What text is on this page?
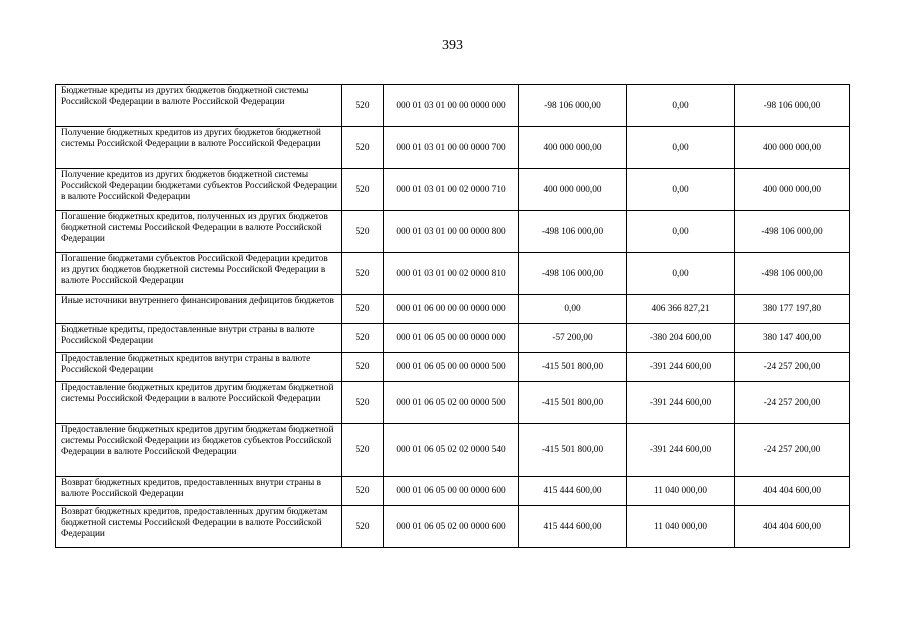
393
Бюджетные кредиты из других бюджетов бюджетной системы Российской Федерации в валюте Российской Федерации	520	000 01 03 01 00 00 0000 000	-98 106 000,00	0,00	-98 106 000,00
Получение бюджетных кредитов из других бюджетов бюджетной системы Российской Федерации в валюте Российской Федерации	520	000 01 03 01 00 00 0000 700	400 000 000,00	0,00	400 000 000,00
Получение кредитов из других бюджетов бюджетной системы Российской Федерации бюджетами субъектов Российской Федерации в валюте Российской Федерации	520	000 01 03 01 00 02 0000 710	400 000 000,00	0,00	400 000 000,00
Погашение бюджетных кредитов, полученных из других бюджетов бюджетной системы Российской Федерации в валюте Российской Федерации	520	000 01 03 01 00 00 0000 800	-498 106 000,00	0,00	-498 106 000,00
Погашение бюджетами субъектов Российской Федерации кредитов из других бюджетов бюджетной системы Российской Федерации в валюте Российской Федерации	520	000 01 03 01 00 02 0000 810	-498 106 000,00	0,00	-498 106 000,00
Иные источники внутреннего финансирования дефицитов бюджетов	520	000 01 06 00 00 00 0000 000	0,00	406 366 827,21	380 177 197,80
Бюджетные кредиты, предоставленные внутри страны в валюте Российской Федерации	520	000 01 06 05 00 00 0000 000	-57 200,00	-380 204 600,00	380 147 400,00
Предоставление бюджетных кредитов внутри страны в валюте Российской Федерации	520	000 01 06 05 00 00 0000 500	-415 501 800,00	-391 244 600,00	-24 257 200,00
Предоставление бюджетных кредитов другим бюджетам бюджетной системы Российской Федерации в валюте Российской Федерации	520	000 01 06 05 02 00 0000 500	-415 501 800,00	-391 244 600,00	-24 257 200,00
Предоставление бюджетных кредитов другим бюджетам бюджетной системы Российской Федерации из бюджетов субъектов Российской Федерации в валюте Российской Федерации	520	000 01 06 05 02 02 0000 540	-415 501 800,00	-391 244 600,00	-24 257 200,00
Возврат бюджетных кредитов, предоставленных внутри страны в валюте Российской Федерации	520	000 01 06 05 00 00 0000 600	415 444 600,00	11 040 000,00	404 404 600,00
Возврат бюджетных кредитов, предоставленных другим бюджетам бюджетной системы Российской Федерации в валюте Российской Федерации	520	000 01 06 05 02 00 0000 600	415 444 600,00	11 040 000,00	404 404 600,00
